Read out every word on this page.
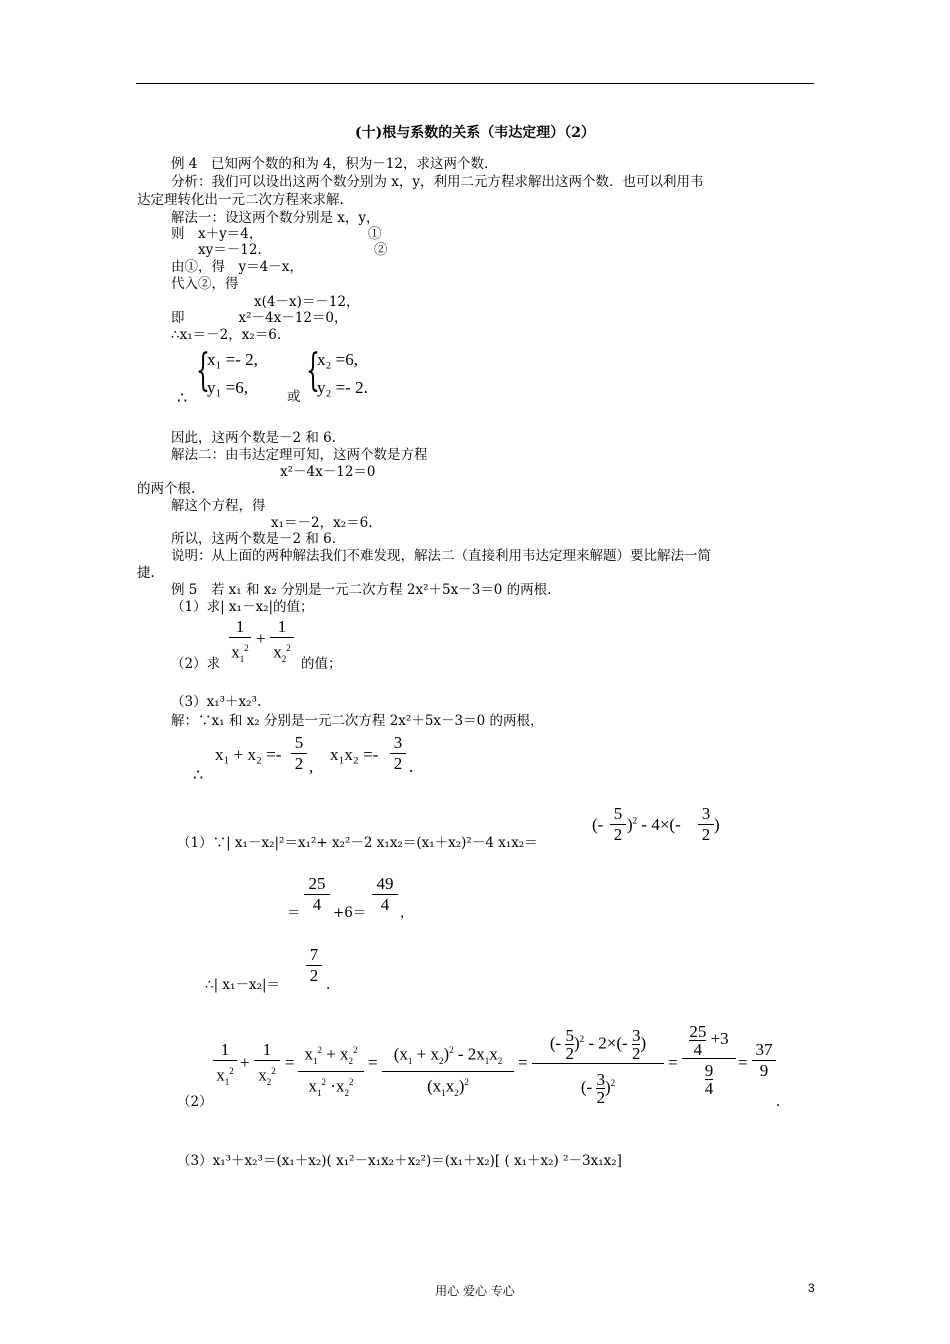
(十)根与系数的关系（韦达定理）（2）
例 4　已知两个数的和为 4，积为－12，求这两个数.
分析：我们可以设出这两个数分别为 x，y，利用二元方程求解出这两个数．也可以利用韦
达定理转化出一元二次方程来求解.
解法一：设这两个数分别是 x，y，
则　x＋y＝4，　　　　　　　　 ①
　　xy＝－12.　　　　　　　　 ②
由①，得　y＝4－x，
代入②，得
x(4－x)＝－12，
即　　　　x²－4x－12＝0，
∴x₁＝－2，x₂＝6.
∴
{
x₁ =- 2,
y₁ =6,	或
{
x₂ =6,
y₂ =- 2.
因此，这两个数是－2 和 6.
解法二：由韦达定理可知，这两个数是方程
x²－4x－12＝0
的两个根.
解这个方程，得
x₁＝－2，x₂＝6.
所以，这两个数是－2 和 6.
说明：从上面的两种解法我们不难发现，解法二（直接利用韦达定理来解题）要比解法一简
捷.
例 5　若 x₁ 和 x₂ 分别是一元二次方程 2x²＋5x－3＝0 的两根.
（1）求| x₁－x₂|的值；
$\frac{1}{x_1^2} + \frac{1}{x_2^2}$
（2）求	的值；
（3）x₁³＋x₂³.
解：∵x₁ 和 x₂ 分别是一元二次方程 2x²＋5x－3＝0 的两根，
∴
$x_1 + x_2 =- \frac{5}{2}$ ,
$x_1x_2 =- \frac{3}{2}$ .
（1）∵| x₁－x₂|²＝x₁²+ x₂²－2 x₁x₂＝(x₁＋x₂)²－4 x₁x₂＝
(- $\frac{5}{2} )^2 - 4\times(- \frac{3}{2}$ )
＝ $\frac{25}{4} +6= \frac{49}{4}$ ，
∴| $x_1-x_2|= \frac{7}{2}$ .
$\frac{1}{x_1^2} + \frac{1}{x_2^2} = \frac{x_1^2 + x_2^2}{x_1^2 \cdot x_2^2} = \frac{(x_1 + x_2)^2 - 2x_1x_2}{(x_1x_2)^2} = \frac{(- \frac{5}{2} )^2 - 2\times(- \frac{3}{2} )}{(- \frac{3}{2} )^2} = \frac{\frac{25}{4} +3}{\frac{9}{4}} = \frac{37}{9}$
（2）	.
（3）x₁³＋x₂³＝(x₁＋x₂)( x₁²－x₁x₂＋x₂²)＝(x₁＋x₂)[ ( x₁＋x₂) ²－3x₁x₂]
用心 爱心 专心	3
